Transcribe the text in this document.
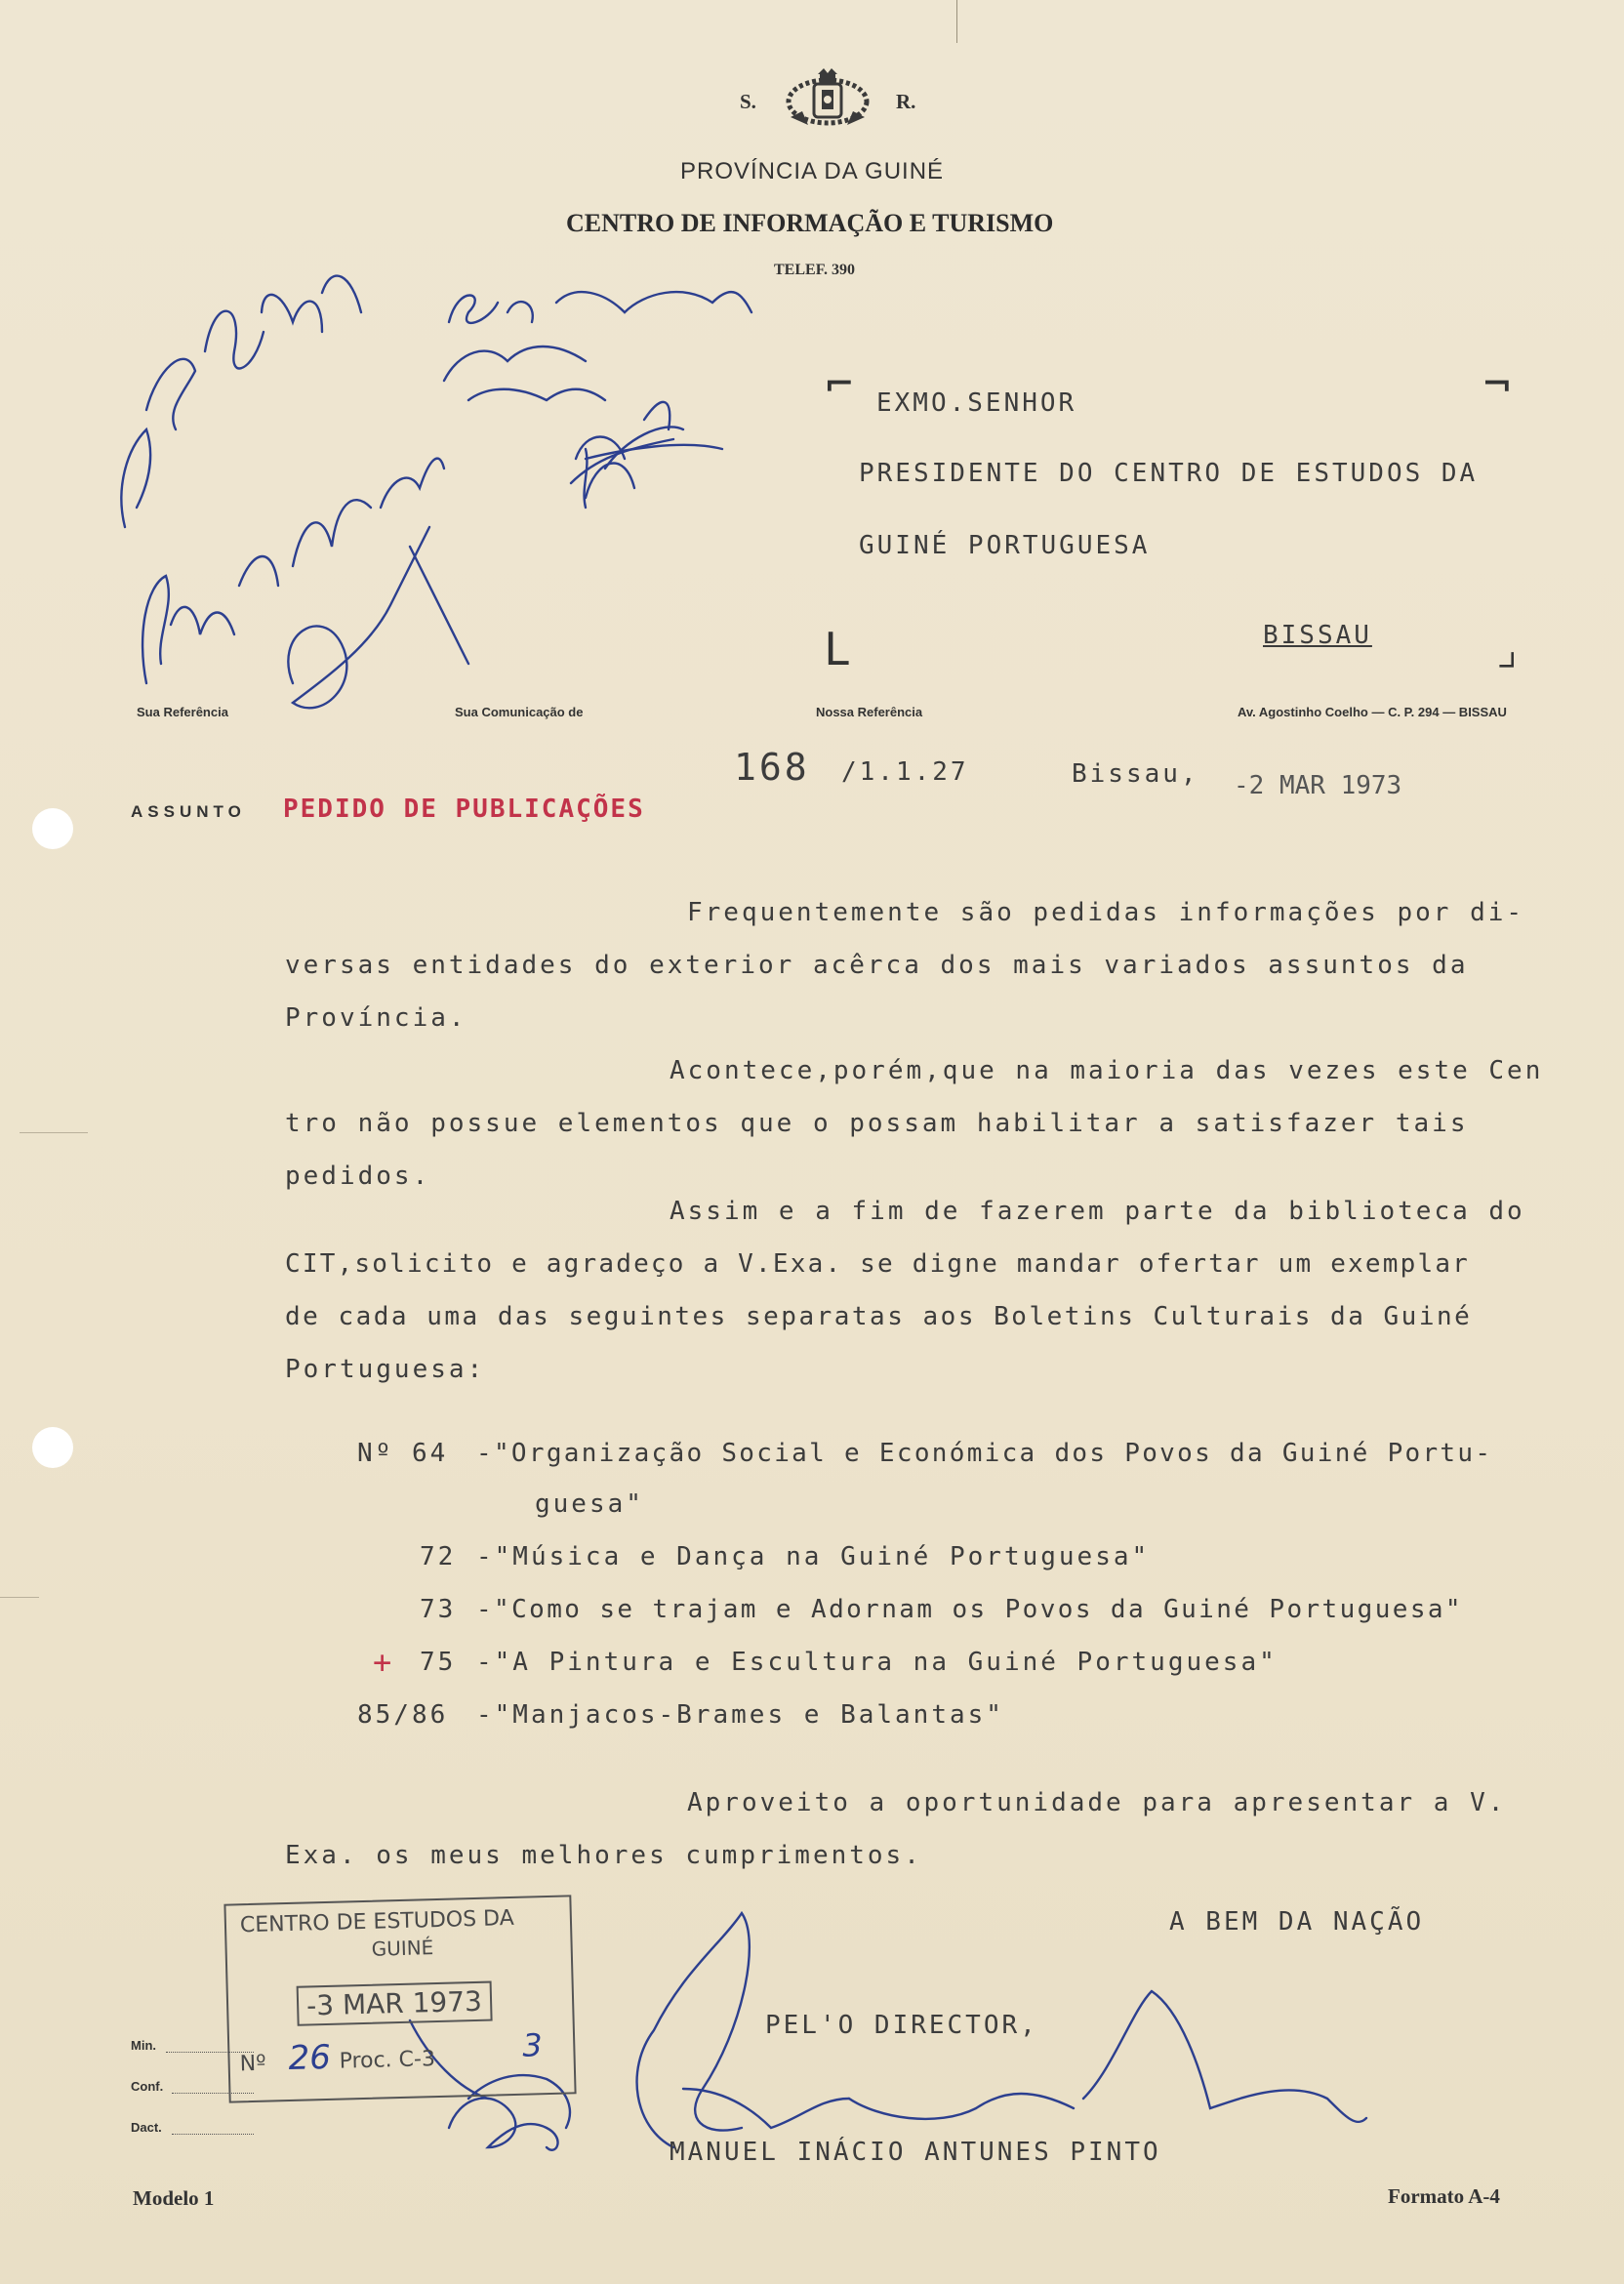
S.	R.
PROVÍNCIA DA GUINÉ
CENTRO DE INFORMAÇÃO E TURISMO
TELEF. 390
⌐ EXMO.SENHOR	¬
PRESIDENTE DO CENTRO DE ESTUDOS DA
GUINÉ PORTUGUESA
L	BISSAU	⌟
Sua Referência	Sua Comunicação de	Nossa Referência	Av. Agostinho Coelho — C. P. 294 — BISSAU
168 /1.1.27	Bissau, -2 MAR 1973
ASSUNTO PEDIDO DE PUBLICAÇÕES
Frequentemente são pedidas informações por di-
versas entidades do exterior acêrca dos mais variados assuntos da
Província.
Acontece,porém,que na maioria das vezes este Cen
tro não possue elementos que o possam habilitar a satisfazer tais
pedidos.
Assim e a fim de fazerem parte da biblioteca do
CIT,solicito e agradeço a V.Exa. se digne mandar ofertar um exemplar
de cada uma das seguintes separatas aos Boletins Culturais da Guiné
Portuguesa:
Nº 64 -"Organização Social e Económica dos Povos da Guiné Portu-
guesa"
72 -"Música e Dança na Guiné Portuguesa"
73 -"Como se trajam e Adornam os Povos da Guiné Portuguesa"
+ 75 -"A Pintura e Escultura na Guiné Portuguesa"
85/86 -"Manjacos-Brames e Balantas"
Aproveito a oportunidade para apresentar a V.
Exa. os meus melhores cumprimentos.
A BEM DA NAÇÃO
PEL'O DIRECTOR,
MANUEL INÁCIO ANTUNES PINTO
CENTRO DE ESTUDOS DA
GUINÉ
-3 MAR 1973
Nº 26 Proc. C-3	3
Min.
Conf.
Dact.
Modelo 1	Formato A-4
